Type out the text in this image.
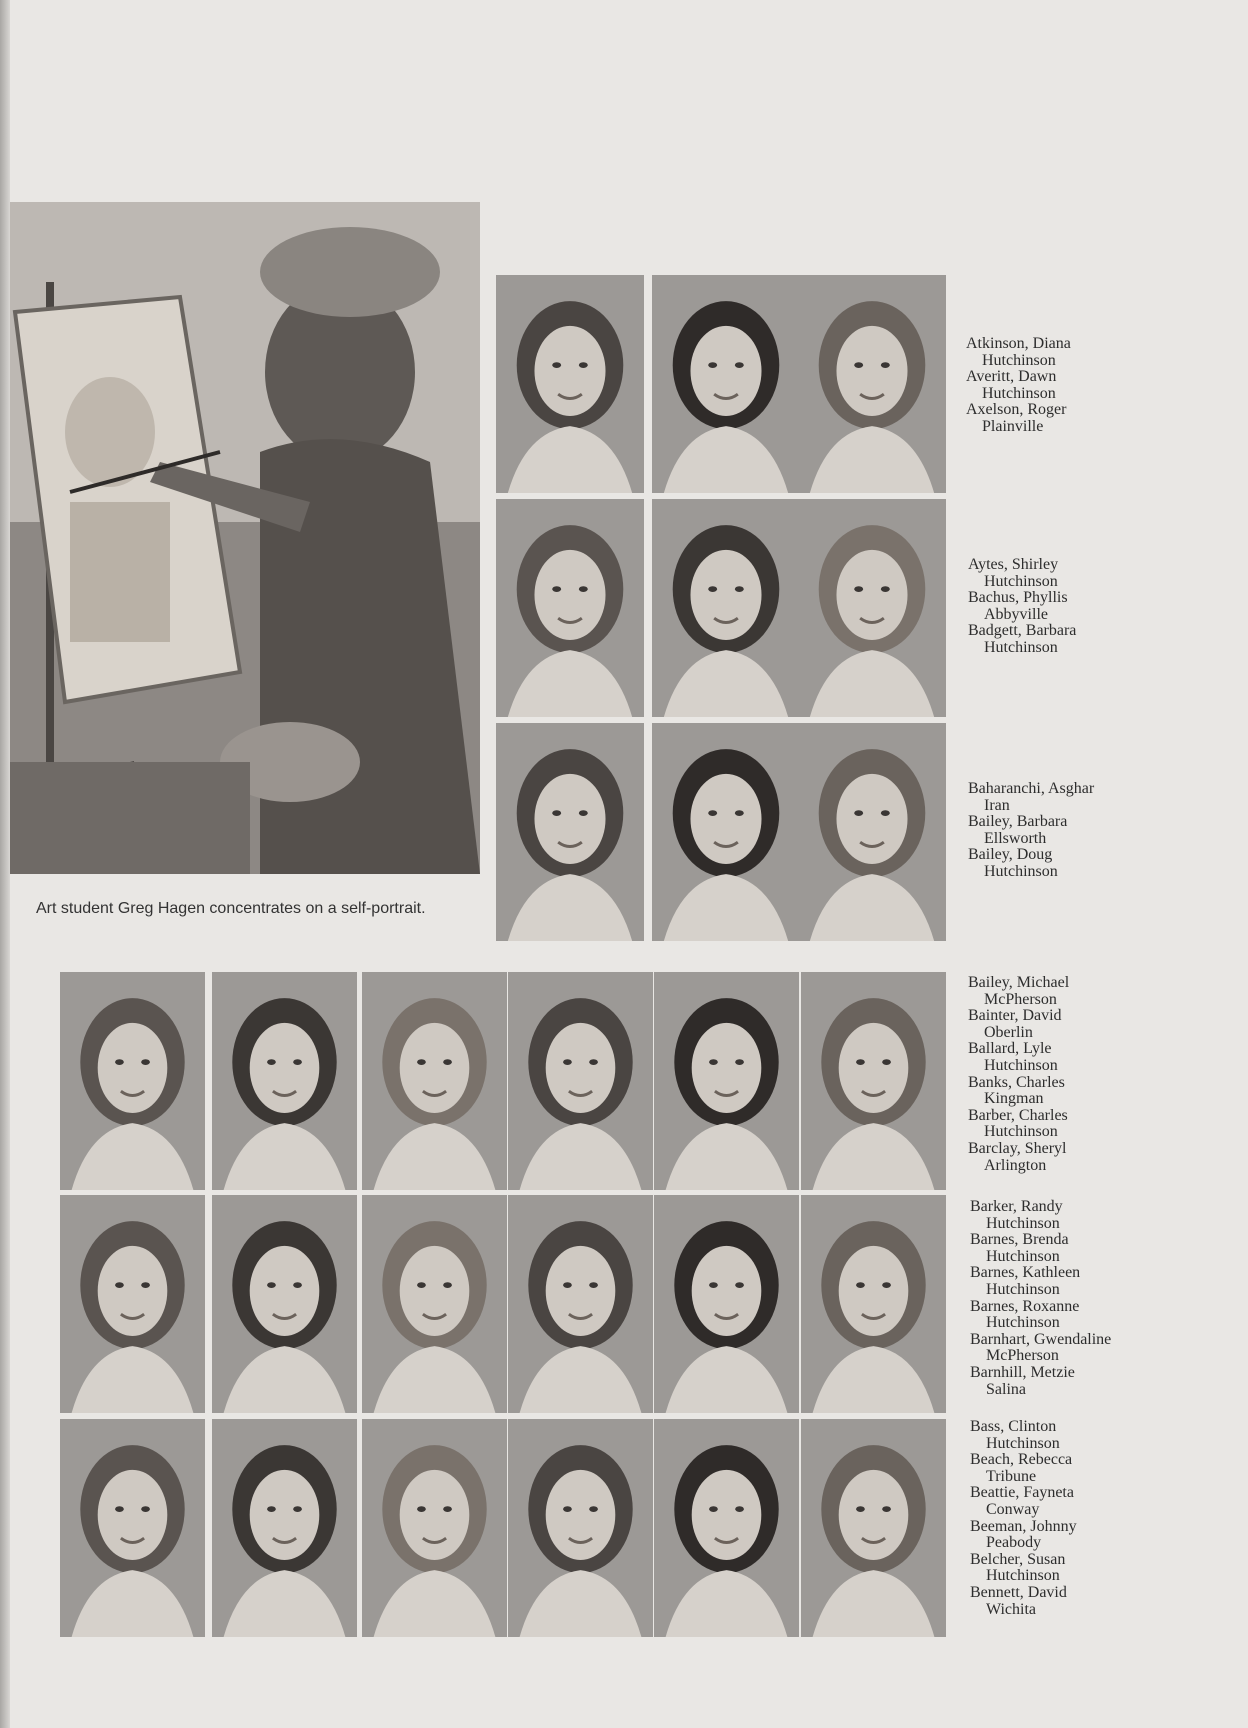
Art student Greg Hagen concentrates on a self-portrait.
Atkinson, Diana
Hutchinson
Averitt, Dawn
Hutchinson
Axelson, Roger
Plainville
Aytes, Shirley
Hutchinson
Bachus, Phyllis
Abbyville
Badgett, Barbara
Hutchinson
Baharanchi, Asghar
Iran
Bailey, Barbara
Ellsworth
Bailey, Doug
Hutchinson
Bailey, Michael
McPherson
Bainter, David
Oberlin
Ballard, Lyle
Hutchinson
Banks, Charles
Kingman
Barber, Charles
Hutchinson
Barclay, Sheryl
Arlington
Barker, Randy
Hutchinson
Barnes, Brenda
Hutchinson
Barnes, Kathleen
Hutchinson
Barnes, Roxanne
Hutchinson
Barnhart, Gwendaline
McPherson
Barnhill, Metzie
Salina
Bass, Clinton
Hutchinson
Beach, Rebecca
Tribune
Beattie, Fayneta
Conway
Beeman, Johnny
Peabody
Belcher, Susan
Hutchinson
Bennett, David
Wichita
